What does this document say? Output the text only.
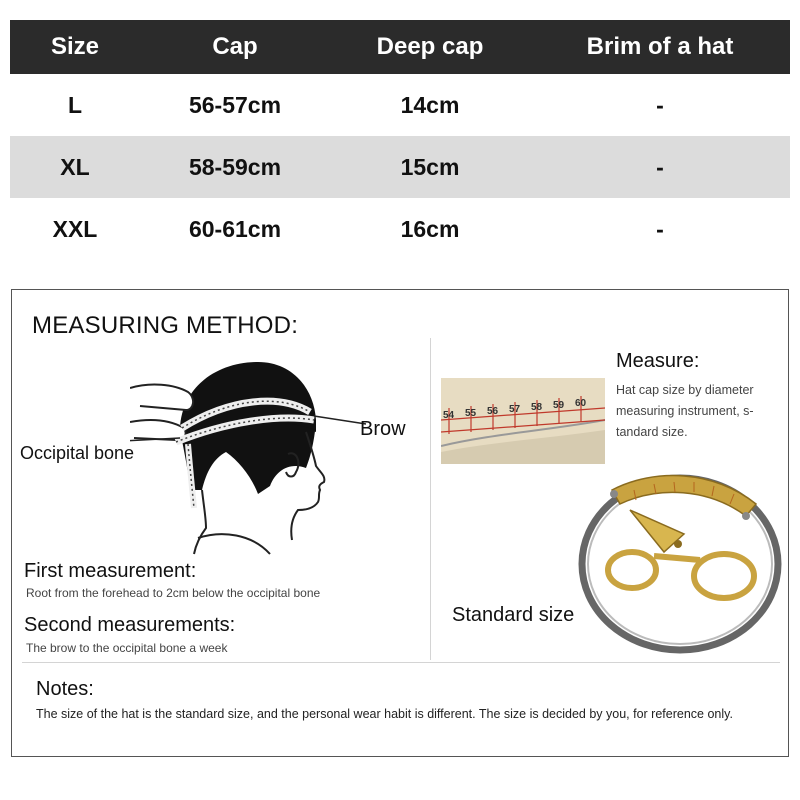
Size	Cap	Deep cap	Brim of a hat
L	56-57cm	14cm	-
XL	58-59cm	15cm	-
XXL	60-61cm	16cm	-
MEASURING METHOD:
Brow
Occipital bone
First measurement:
Root from the forehead to 2cm below the occipital bone
Second measurements:
The brow to the occipital bone a week
54 55 56 57 58 59 60
Measure:
Hat cap size by diameter measuring instrument, s-tandard size.
Standard size
Notes:
The size of the hat is the standard size, and the personal wear habit is different. The size is decided by you, for reference only.
